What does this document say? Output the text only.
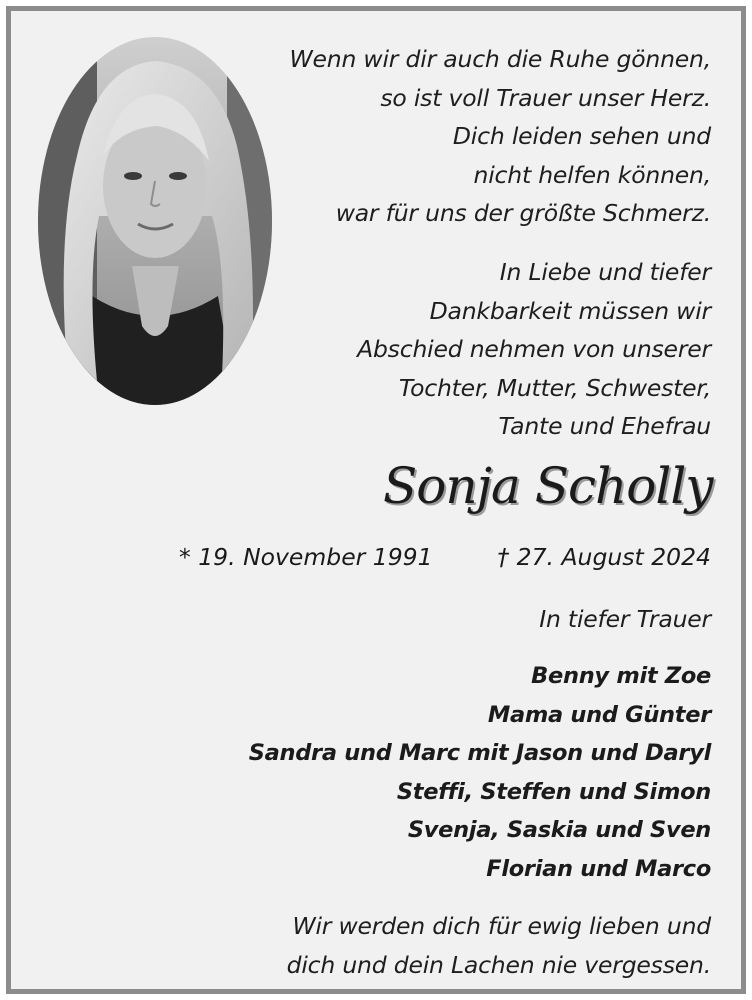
Wenn wir dir auch die Ruhe gönnen,
so ist voll Trauer unser Herz.
Dich leiden sehen und
nicht helfen können,
war für uns der größte Schmerz.
In Liebe und tiefer
Dankbarkeit müssen wir
Abschied nehmen von unserer
Tochter, Mutter, Schwester,
Tante und Ehefrau
Sonja Scholly
* 19. November 1991	† 27. August 2024
In tiefer Trauer
Benny mit Zoe
Mama und Günter
Sandra und Marc mit Jason und Daryl
Steffi, Steffen und Simon
Svenja, Saskia und Sven
Florian und Marco
Wir werden dich für ewig lieben und
dich und dein Lachen nie vergessen.
